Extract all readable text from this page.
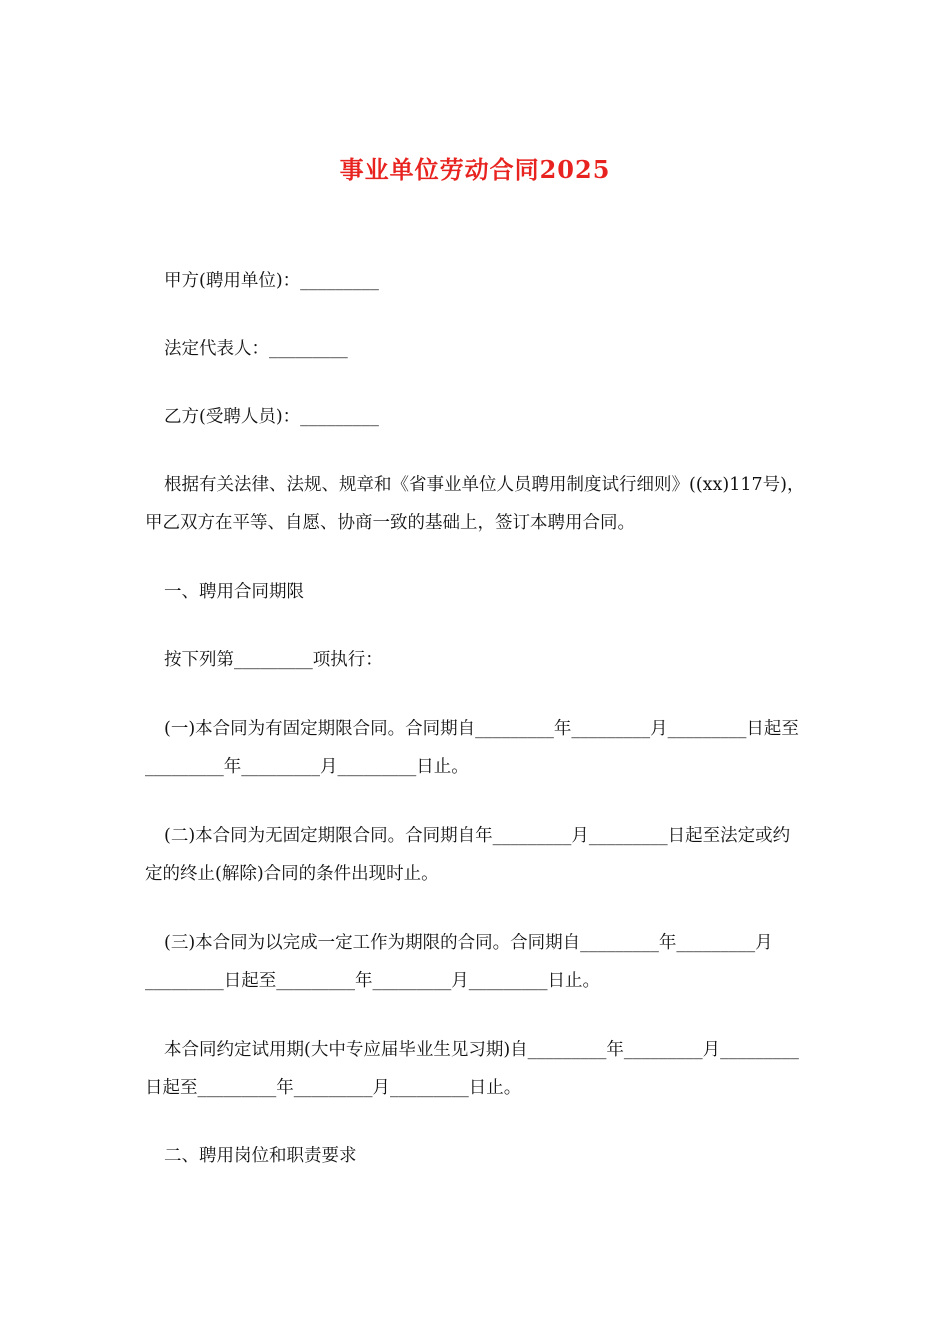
事业单位劳动合同2025
甲方(聘用单位)：_________
法定代表人：_________
乙方(受聘人员)：_________
根据有关法律、法规、规章和《省事业单位人员聘用制度试行细则》((xx)117号)，甲乙双方在平等、自愿、协商一致的基础上，签订本聘用合同。
一、聘用合同期限
按下列第_________项执行：
(一)本合同为有固定期限合同。合同期自_________年_________月_________日起至_________年_________月_________日止。
(二)本合同为无固定期限合同。合同期自年_________月_________日起至法定或约定的终止(解除)合同的条件出现时止。
(三)本合同为以完成一定工作为期限的合同。合同期自_________年_________月_________日起至_________年_________月_________日止。
本合同约定试用期(大中专应届毕业生见习期)自_________年_________月_________日起至_________年_________月_________日止。
二、聘用岗位和职责要求
